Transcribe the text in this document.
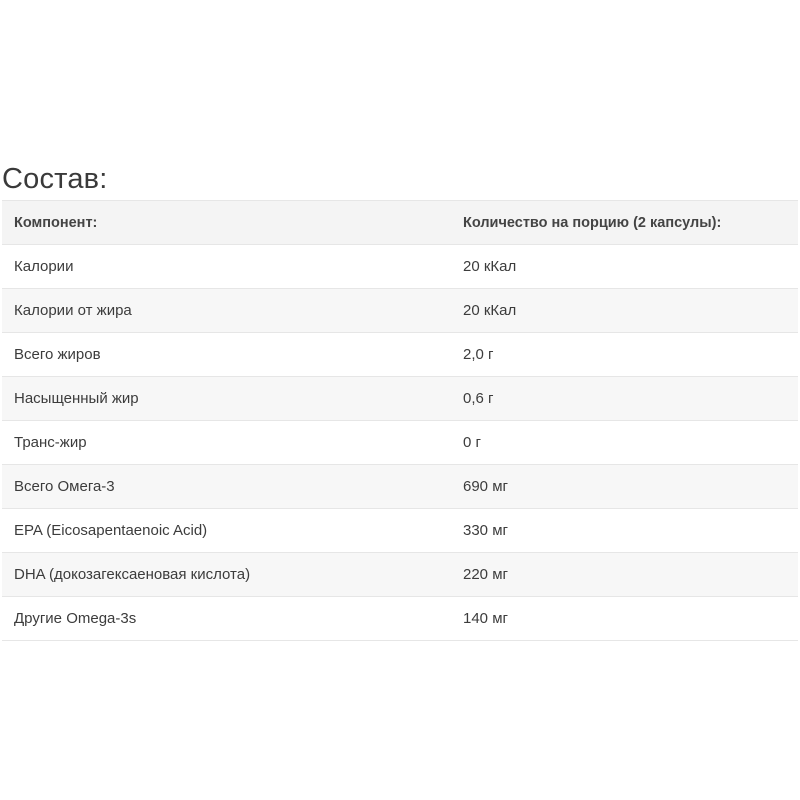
Состав:
Компонент:	Количество на порцию (2 капсулы):
Калории	20 кКал
Калории от жира	20 кКал
Всего жиров	2,0 г
Насыщенный жир	0,6 г
Транс-жир	0 г
Всего Омега-3	690 мг
EPA (Eicosapentaenoic Acid)	330 мг
DHA (докозагексаеновая кислота)	220 мг
Другие Omega-3s	140 мг
